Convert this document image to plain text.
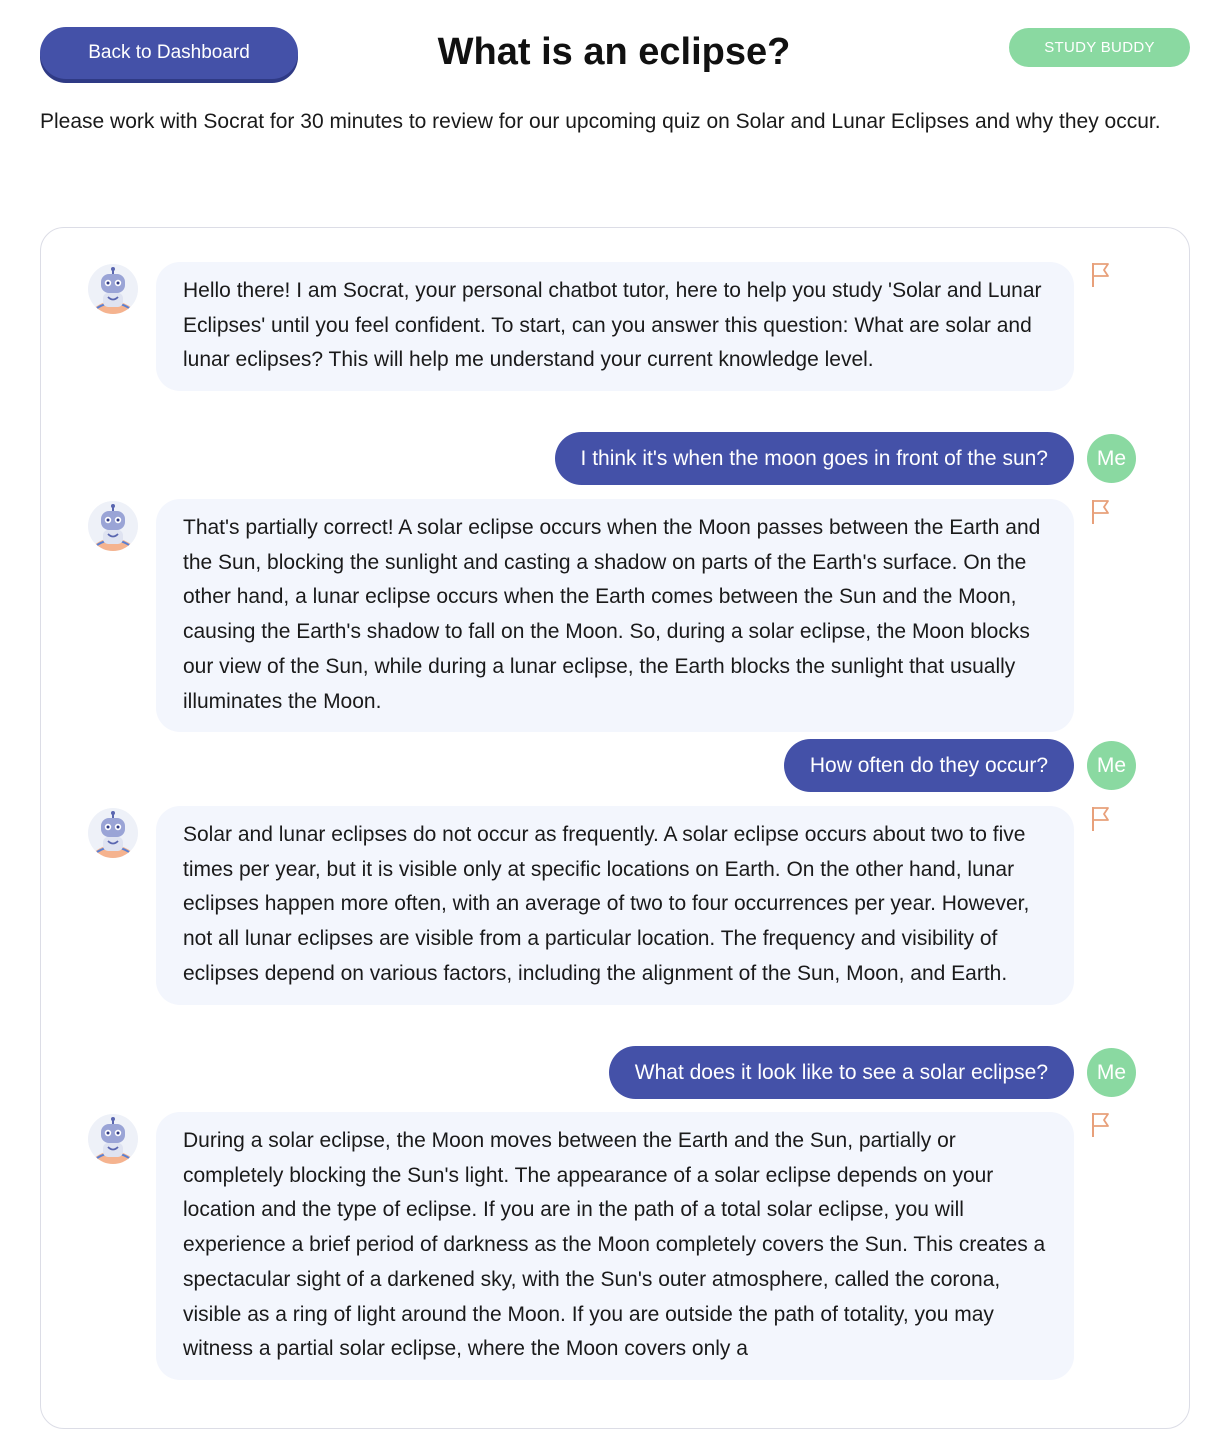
Back to Dashboard	What is an eclipse?	STUDY BUDDY

Please work with Socrat for 30 minutes to review for our upcoming quiz on Solar and Lunar Eclipses and why they occur.

Hello there! I am Socrat, your personal chatbot tutor, here to help you study 'Solar and Lunar Eclipses' until you feel confident. To start, can you answer this question: What are solar and lunar eclipses? This will help me understand your current knowledge level.
I think it's when the moon goes in front of the sun?	Me
That's partially correct! A solar eclipse occurs when the Moon passes between the Earth and the Sun, blocking the sunlight and casting a shadow on parts of the Earth's surface. On the other hand, a lunar eclipse occurs when the Earth comes between the Sun and the Moon, causing the Earth's shadow to fall on the Moon. So, during a solar eclipse, the Moon blocks our view of the Sun, while during a lunar eclipse, the Earth blocks the sunlight that usually illuminates the Moon.
How often do they occur?	Me
Solar and lunar eclipses do not occur as frequently. A solar eclipse occurs about two to five times per year, but it is visible only at specific locations on Earth. On the other hand, lunar eclipses happen more often, with an average of two to four occurrences per year. However, not all lunar eclipses are visible from a particular location. The frequency and visibility of eclipses depend on various factors, including the alignment of the Sun, Moon, and Earth.
What does it look like to see a solar eclipse?	Me
During a solar eclipse, the Moon moves between the Earth and the Sun, partially or completely blocking the Sun's light. The appearance of a solar eclipse depends on your location and the type of eclipse. If you are in the path of a total solar eclipse, you will experience a brief period of darkness as the Moon completely covers the Sun. This creates a spectacular sight of a darkened sky, with the Sun's outer atmosphere, called the corona, visible as a ring of light around the Moon. If you are outside the path of totality, you may witness a partial solar eclipse, where the Moon covers only a
